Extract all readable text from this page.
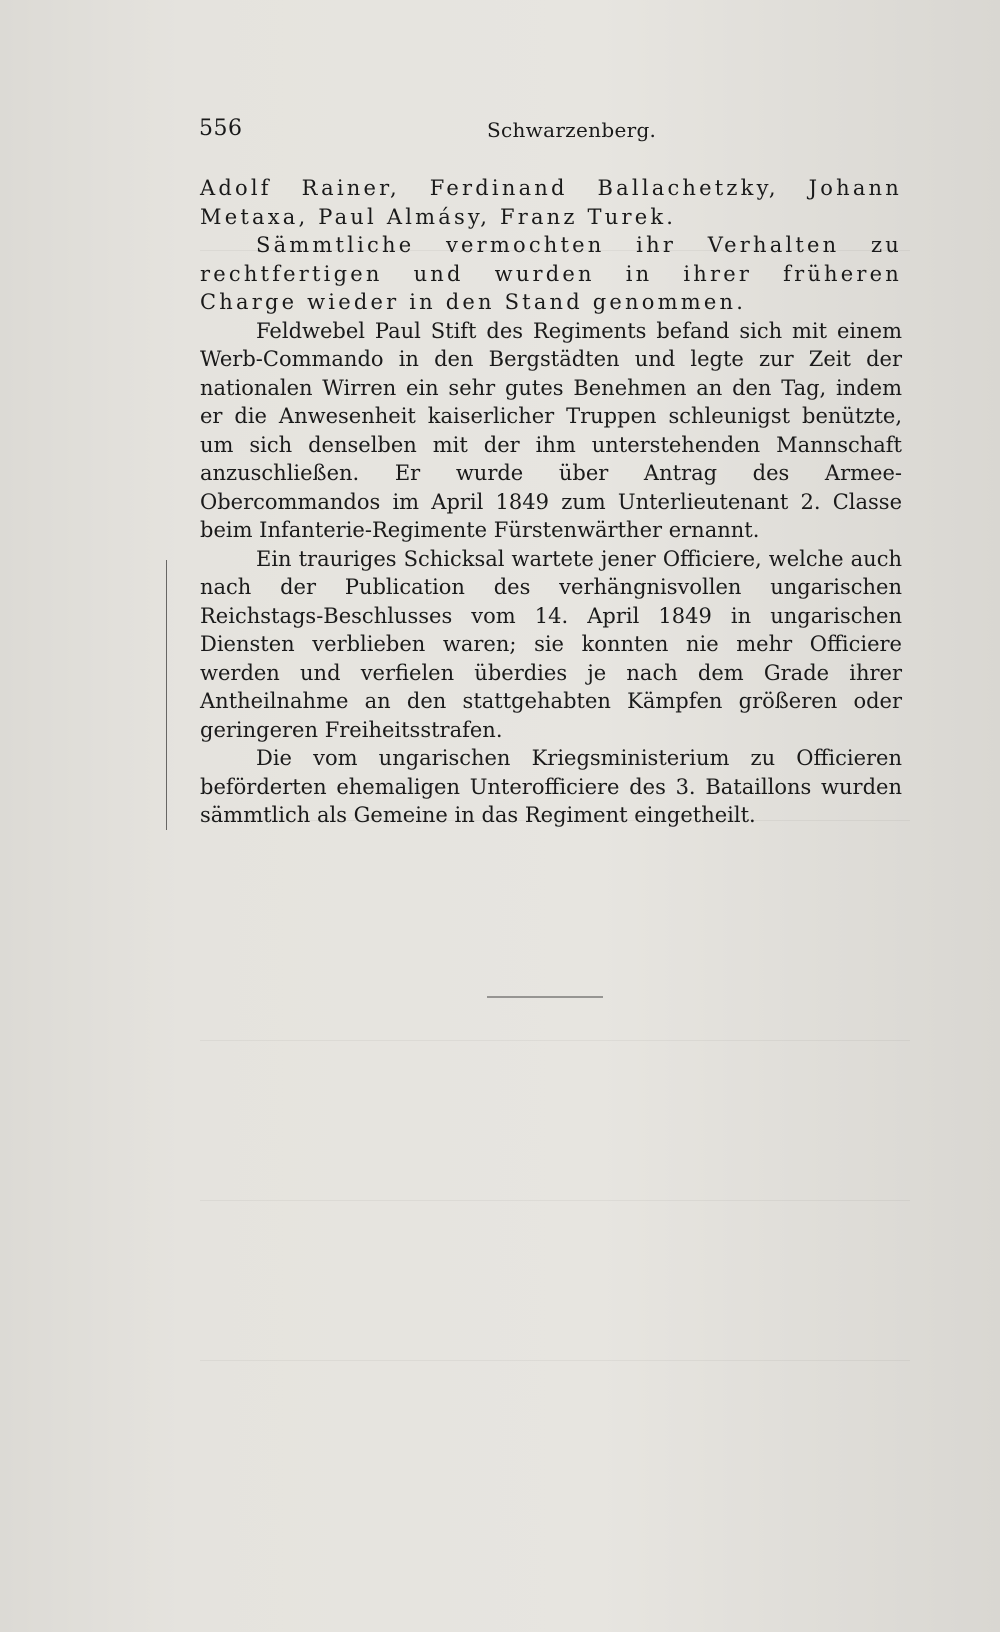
556	Schwarzenberg.

Adolf Rainer, Ferdinand Ballachetzky, Johann Metaxa, Paul Almásy, Franz Turek.

Sämmtliche vermochten ihr Verhalten zu rechtfertigen und wurden in ihrer früheren Charge wieder in den Stand genommen.

Feldwebel Paul Stift des Regiments befand sich mit einem Werb-Commando in den Bergstädten und legte zur Zeit der nationalen Wirren ein sehr gutes Benehmen an den Tag, indem er die Anwesenheit kaiserlicher Truppen schleunigst benützte, um sich denselben mit der ihm unterstehenden Mannschaft anzuschließen. Er wurde über Antrag des Armee-Obercommandos im April 1849 zum Unterlieutenant 2. Classe beim Infanterie-Regimente Fürstenwärther ernannt.

Ein trauriges Schicksal wartete jener Officiere, welche auch nach der Publication des verhängnisvollen ungarischen Reichstags-Beschlusses vom 14. April 1849 in ungarischen Diensten verblieben waren; sie konnten nie mehr Officiere werden und verfielen überdies je nach dem Grade ihrer Antheilnahme an den stattgehabten Kämpfen größeren oder geringeren Freiheitsstrafen.

Die vom ungarischen Kriegsministerium zu Officieren beförderten ehemaligen Unterofficiere des 3. Bataillons wurden sämmtlich als Gemeine in das Regiment eingetheilt.
